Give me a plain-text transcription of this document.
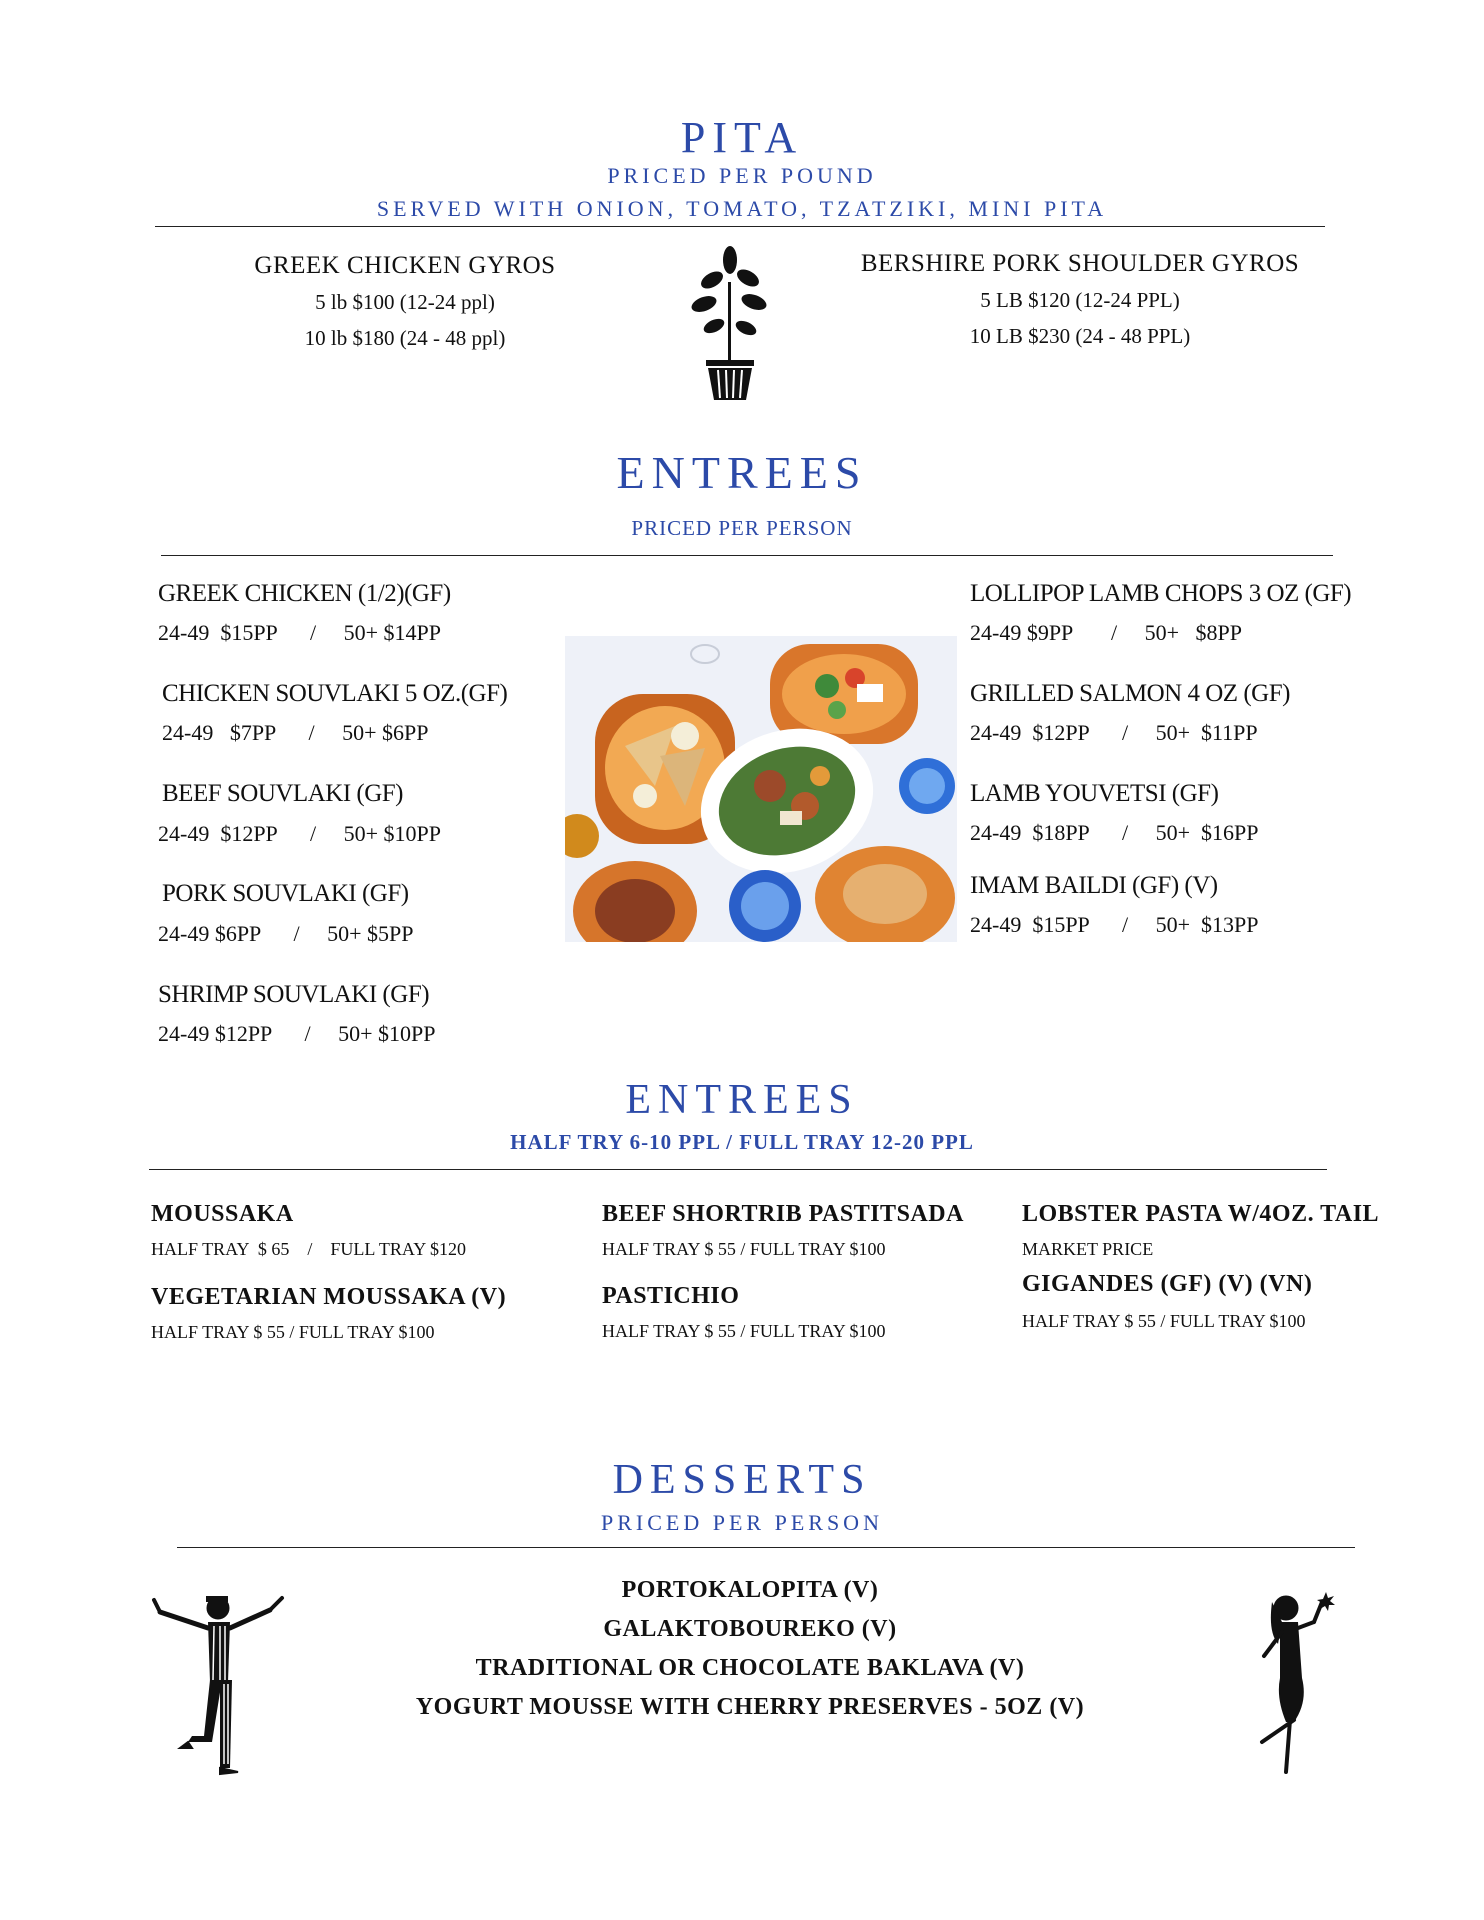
PITA
PRICED PER POUND
SERVED WITH ONION, TOMATO, TZATZIKI, MINI PITA
GREEK CHICKEN GYROS
5 lb $100 (12-24 ppl)
10 lb $180 (24 - 48 ppl)
BERSHIRE PORK SHOULDER GYROS
5 LB $120 (12-24 PPL)
10 LB $230 (24 - 48 PPL)
ENTREES
PRICED PER PERSON
GREEK CHICKEN (1/2)(GF)
24-49  $15PP      /     50+ $14PP
CHICKEN SOUVLAKI 5 OZ.(GF)
24-49   $7PP      /     50+ $6PP
BEEF SOUVLAKI (GF)
24-49  $12PP      /     50+ $10PP
PORK SOUVLAKI (GF)
24-49 $6PP      /     50+ $5PP
SHRIMP SOUVLAKI (GF)
24-49 $12PP      /     50+ $10PP
LOLLIPOP LAMB CHOPS 3 OZ (GF)
24-49 $9PP       /     50+   $8PP
GRILLED SALMON 4 OZ (GF)
24-49  $12PP      /     50+  $11PP
LAMB YOUVETSI (GF)
24-49  $18PP      /     50+  $16PP
IMAM BAILDI (GF) (V)
24-49  $15PP      /     50+  $13PP
ENTREES
HALF TRY 6-10 PPL / FULL TRAY 12-20 PPL
MOUSSAKA
HALF TRAY  $ 65    /    FULL TRAY $120
VEGETARIAN MOUSSAKA (V)
HALF TRAY $ 55 / FULL TRAY $100
BEEF SHORTRIB PASTITSADA
HALF TRAY $ 55 / FULL TRAY $100
PASTICHIO
HALF TRAY $ 55 / FULL TRAY $100
LOBSTER PASTA W/4OZ. TAIL
MARKET PRICE
GIGANDES (GF) (V) (VN)
HALF TRAY $ 55 / FULL TRAY $100
DESSERTS
PRICED PER PERSON
PORTOKALOPITA (V)
GALAKTOBOUREKO (V)
TRADITIONAL OR CHOCOLATE BAKLAVA (V)
YOGURT MOUSSE WITH CHERRY PRESERVES - 5OZ (V)
